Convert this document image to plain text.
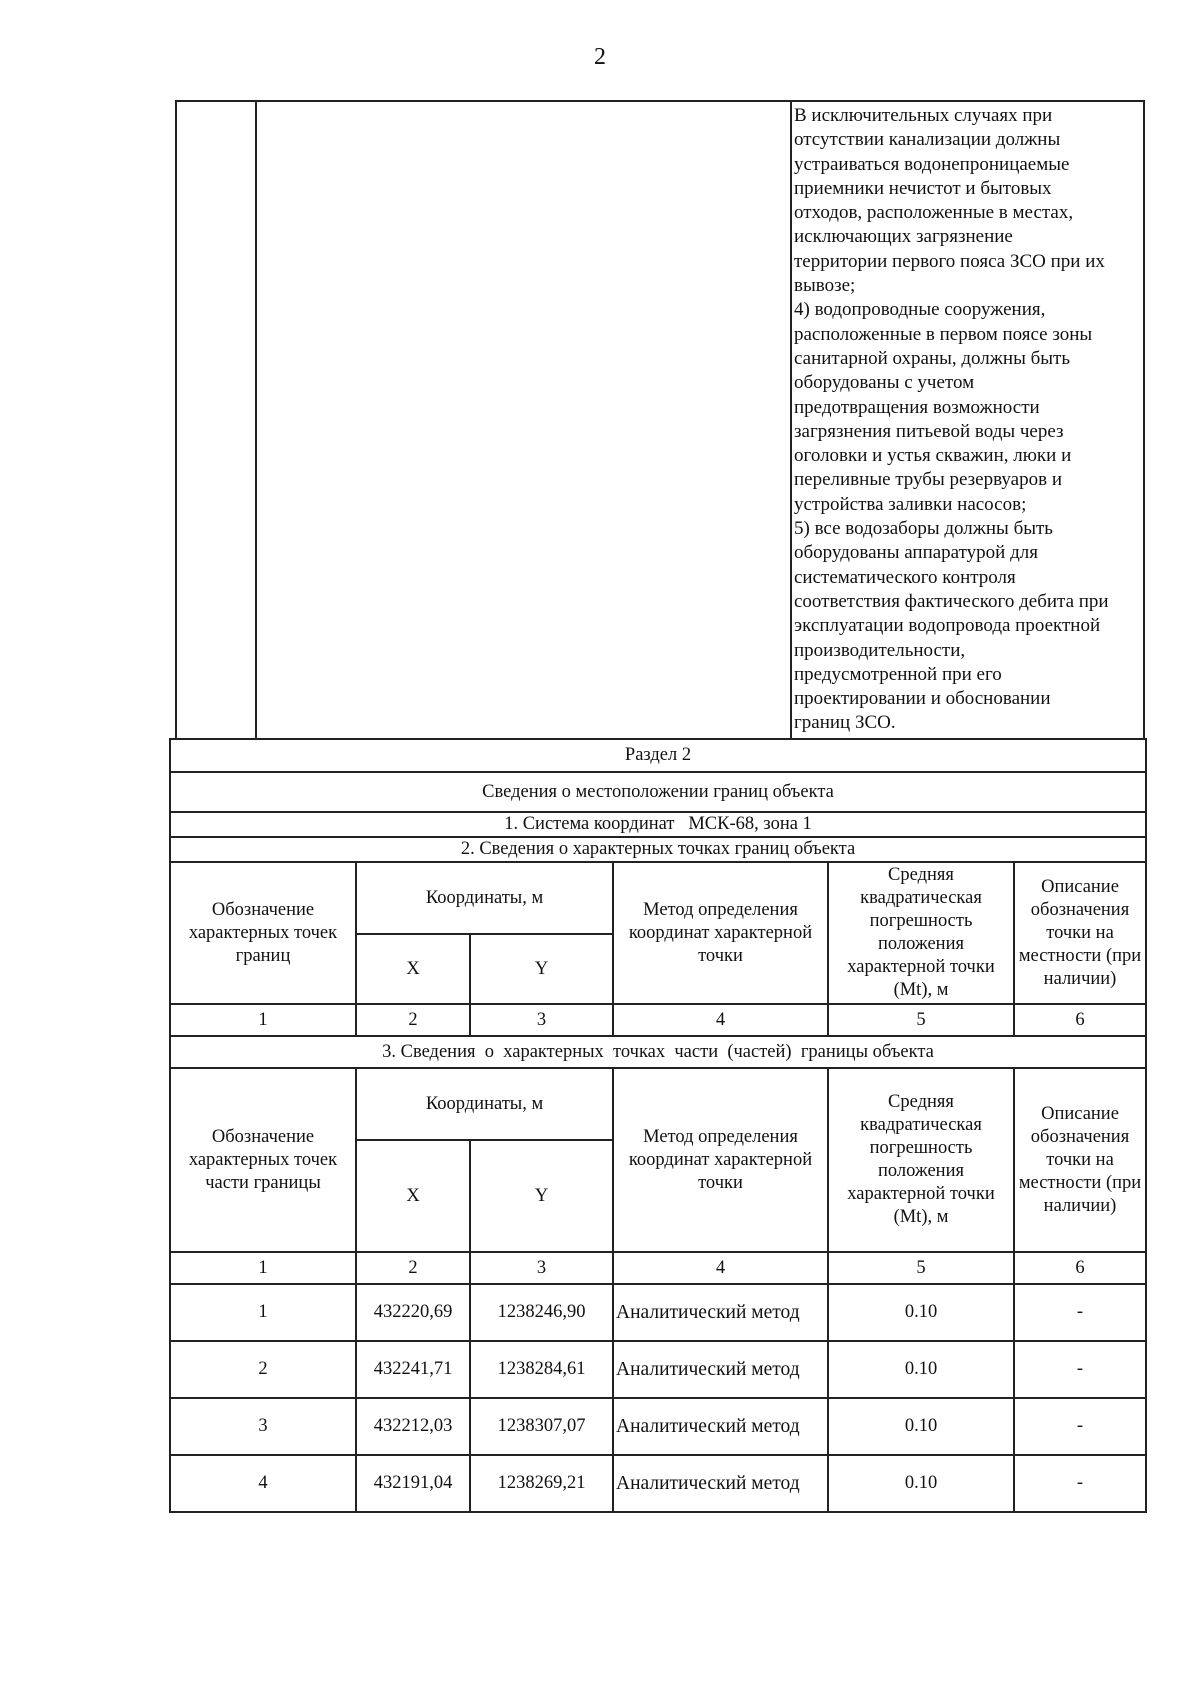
2
В исключительных случаях при
отсутствии канализации должны
устраиваться водонепроницаемые
приемники нечистот и бытовых
отходов, расположенные в местах,
исключающих загрязнение
территории первого пояса ЗСО при их
вывозе;
4) водопроводные сооружения,
расположенные в первом поясе зоны
санитарной охраны, должны быть
оборудованы с учетом
предотвращения возможности
загрязнения питьевой воды через
оголовки и устья скважин, люки и
переливные трубы резервуаров и
устройства заливки насосов;
5) все водозаборы должны быть
оборудованы аппаратурой для
систематического контроля
соответствия фактического дебита при
эксплуатации водопровода проектной
производительности,
предусмотренной при его
проектировании и обосновании
границ ЗСО.
Раздел 2					
Сведения о местоположении границ объекта					
1. Система координат   МСК-68, зона 1					
2. Сведения о характерных точках границ объекта					
Обозначение характерных точек границ	Координаты, м		Метод определения координат характерной точки	Средняя квадратическая погрешность положения характерной точки (Mt), м	Описание обозначения точки на местности (при наличии)
	X	Y			
1	2	3	4	5	6
3. Сведения  о  характерных  точках  части  (частей)  границы объекта					
Обозначение характерных точек части границы	Координаты, м		Метод определения координат характерной точки	Средняя квадратическая погрешность положения характерной точки (Mt), м	Описание обозначения точки на местности (при наличии)
	X	Y			
1	2	3	4	5	6
1	432220,69	1238246,90	Аналитический метод	0.10	-
2	432241,71	1238284,61	Аналитический метод	0.10	-
3	432212,03	1238307,07	Аналитический метод	0.10	-
4	432191,04	1238269,21	Аналитический метод	0.10	-
